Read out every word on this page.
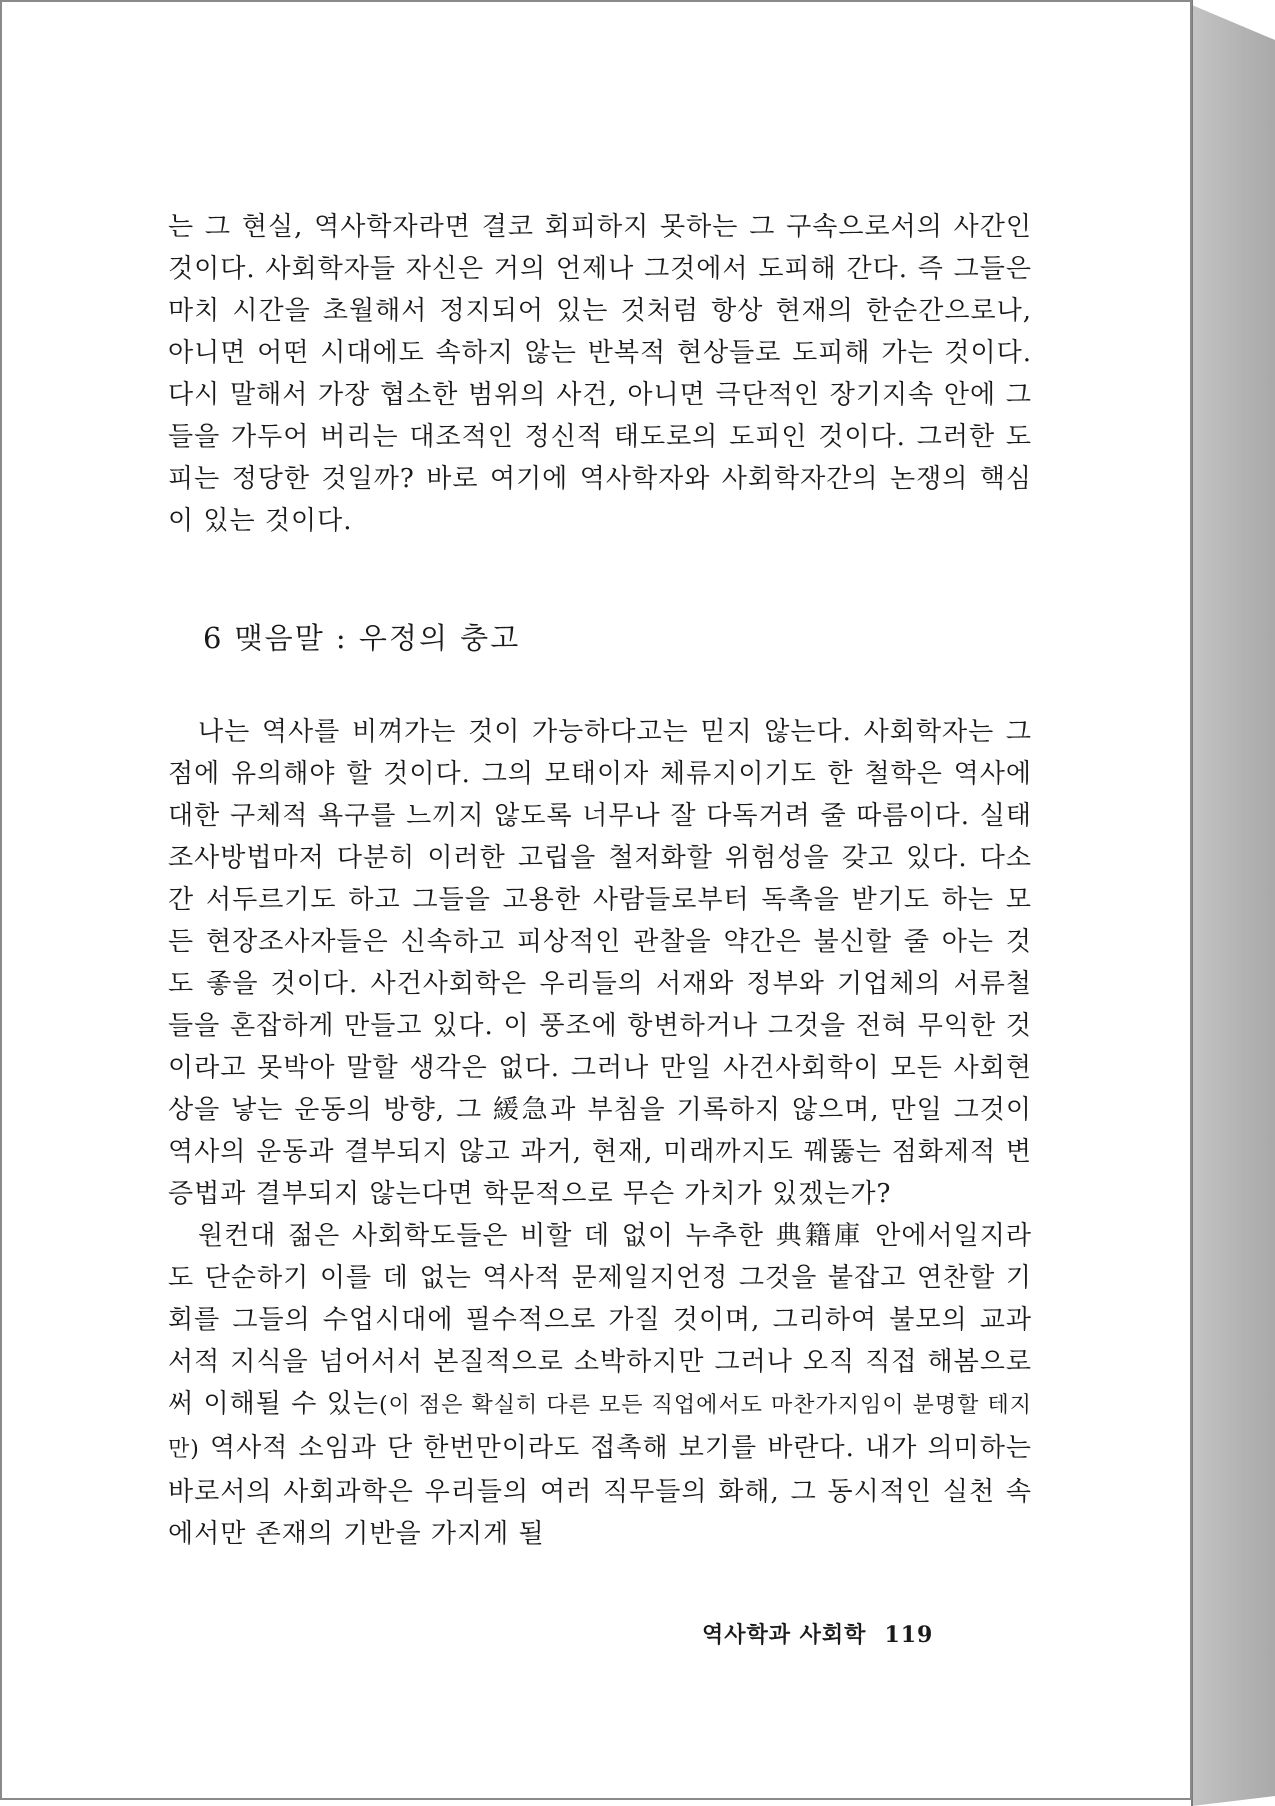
는 그 현실, 역사학자라면 결코 회피하지 못하는 그 구속으로서의 사간인 것이다. 사회학자들 자신은 거의 언제나 그것에서 도피해 간다. 즉 그들은 마치 시간을 초월해서 정지되어 있는 것처럼 항상 현재의 한순간으로나, 아니면 어떤 시대에도 속하지 않는 반복적 현상들로 도피해 가는 것이다. 다시 말해서 가장 협소한 범위의 사건, 아니면 극단적인 장기지속 안에 그들을 가두어 버리는 대조적인 정신적 태도로의 도피인 것이다. 그러한 도피는 정당한 것일까? 바로 여기에 역사학자와 사회학자간의 논쟁의 핵심이 있는 것이다.

6 맺음말 : 우정의 충고

나는 역사를 비껴가는 것이 가능하다고는 믿지 않는다. 사회학자는 그 점에 유의해야 할 것이다. 그의 모태이자 체류지이기도 한 철학은 역사에 대한 구체적 욕구를 느끼지 않도록 너무나 잘 다독거려 줄 따름이다. 실태조사방법마저 다분히 이러한 고립을 철저화할 위험성을 갖고 있다. 다소간 서두르기도 하고 그들을 고용한 사람들로부터 독촉을 받기도 하는 모든 현장조사자들은 신속하고 피상적인 관찰을 약간은 불신할 줄 아는 것도 좋을 것이다. 사건사회학은 우리들의 서재와 정부와 기업체의 서류철들을 혼잡하게 만들고 있다. 이 풍조에 항변하거나 그것을 전혀 무익한 것이라고 못박아 말할 생각은 없다. 그러나 만일 사건사회학이 모든 사회현상을 낳는 운동의 방향, 그 緩急과 부침을 기록하지 않으며, 만일 그것이 역사의 운동과 결부되지 않고 과거, 현재, 미래까지도 꿰뚫는 점화제적 변증법과 결부되지 않는다면 학문적으로 무슨 가치가 있겠는가?

원컨대 젊은 사회학도들은 비할 데 없이 누추한 典籍庫 안에서일지라도 단순하기 이를 데 없는 역사적 문제일지언정 그것을 붙잡고 연찬할 기회를 그들의 수업시대에 필수적으로 가질 것이며, 그리하여 불모의 교과서적 지식을 넘어서서 본질적으로 소박하지만 그러나 오직 직접 해봄으로써 이해될 수 있는(이 점은 확실히 다른 모든 직업에서도 마찬가지임이 분명할 테지만) 역사적 소임과 단 한번만이라도 접촉해 보기를 바란다. 내가 의미하는 바로서의 사회과학은 우리들의 여러 직무들의 화해, 그 동시적인 실천 속에서만 존재의 기반을 가지게 될

역사학과 사회학 119
